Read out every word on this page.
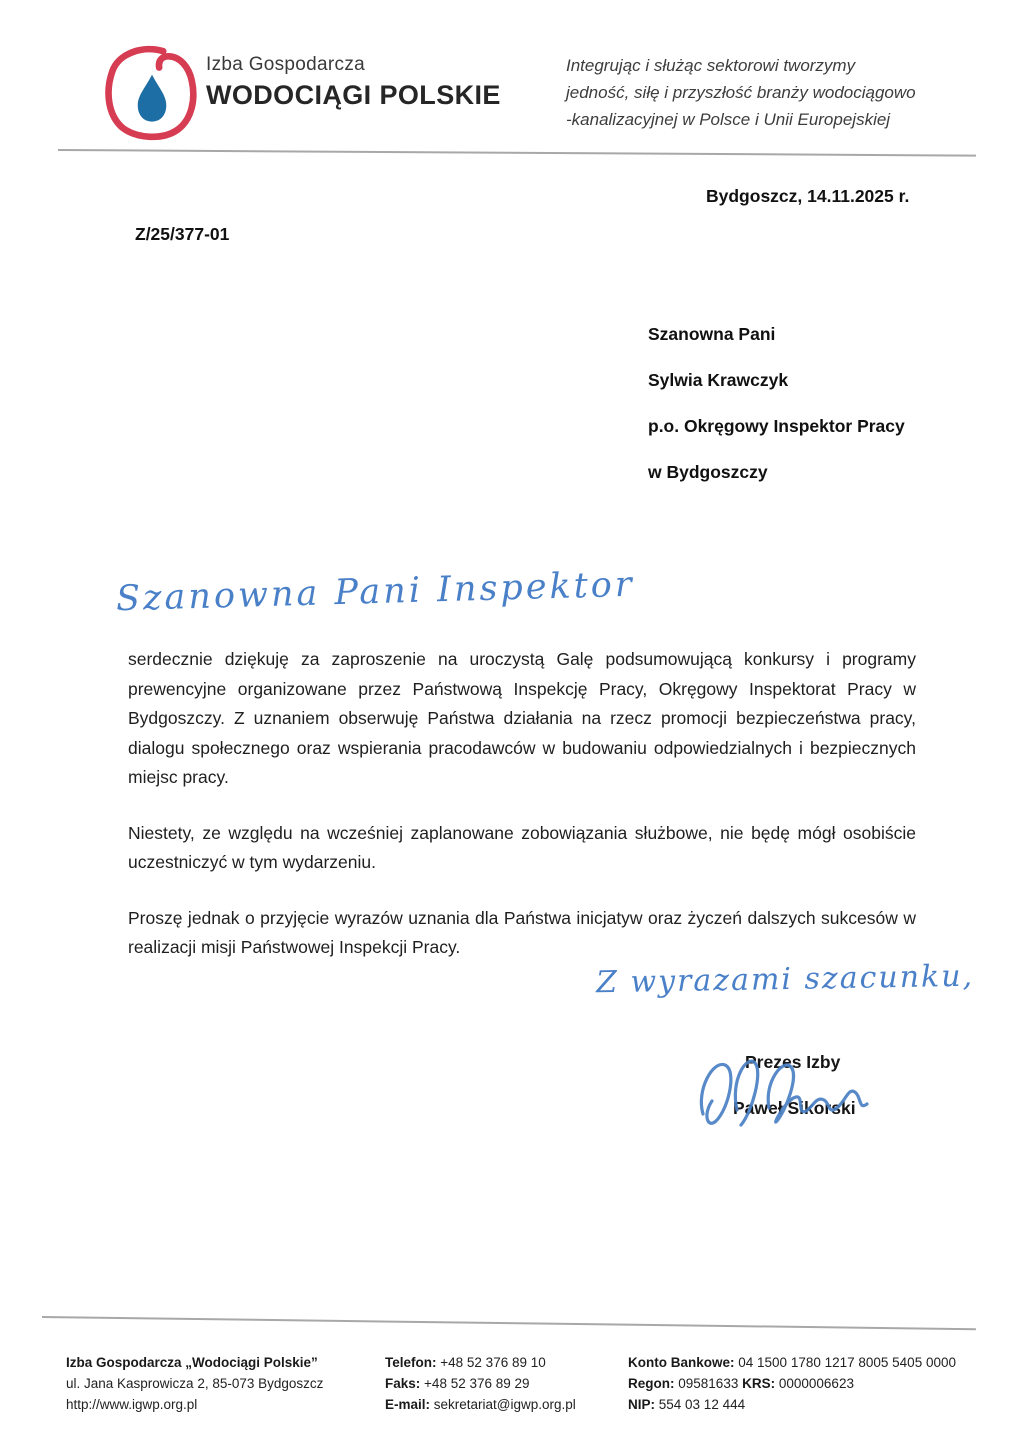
Izba Gospodarcza
WODOCIĄGI POLSKIE
Integrując i służąc sektorowi tworzymy
jedność, siłę i przyszłość branży wodociągowo
-kanalizacyjnej w Polsce i Unii Europejskiej
Bydgoszcz, 14.11.2025 r.
Z/25/377-01
Szanowna Pani
Sylwia Krawczyk
p.o. Okręgowy Inspektor Pracy
w Bydgoszczy
Szanowna Pani Inspektor

serdecznie dziękuję za zaproszenie na uroczystą Galę podsumowującą konkursy i programy prewencyjne organizowane przez Państwową Inspekcję Pracy, Okręgowy Inspektorat Pracy w Bydgoszczy. Z uznaniem obserwuję Państwa działania na rzecz promocji bezpieczeństwa pracy, dialogu społecznego oraz wspierania pracodawców w budowaniu odpowiedzialnych i bezpiecznych miejsc pracy.

Niestety, ze względu na wcześniej zaplanowane zobowiązania służbowe, nie będę mógł osobiście uczestniczyć w tym wydarzeniu.

Proszę jednak o przyjęcie wyrazów uznania dla Państwa inicjatyw oraz życzeń dalszych sukcesów w realizacji misji Państwowej Inspekcji Pracy.

Z wyrazami szacunku,
Prezes Izby
Paweł Sikorski
Izba Gospodarcza „Wodociągi Polskie”
ul. Jana Kasprowicza 2, 85-073 Bydgoszcz
http://www.igwp.org.pl
Telefon: +48 52 376 89 10
Faks: +48 52 376 89 29
E-mail: sekretariat@igwp.org.pl
Konto Bankowe: 04 1500 1780 1217 8005 5405 0000
Regon: 09581633 KRS: 0000006623
NIP: 554 03 12 444
